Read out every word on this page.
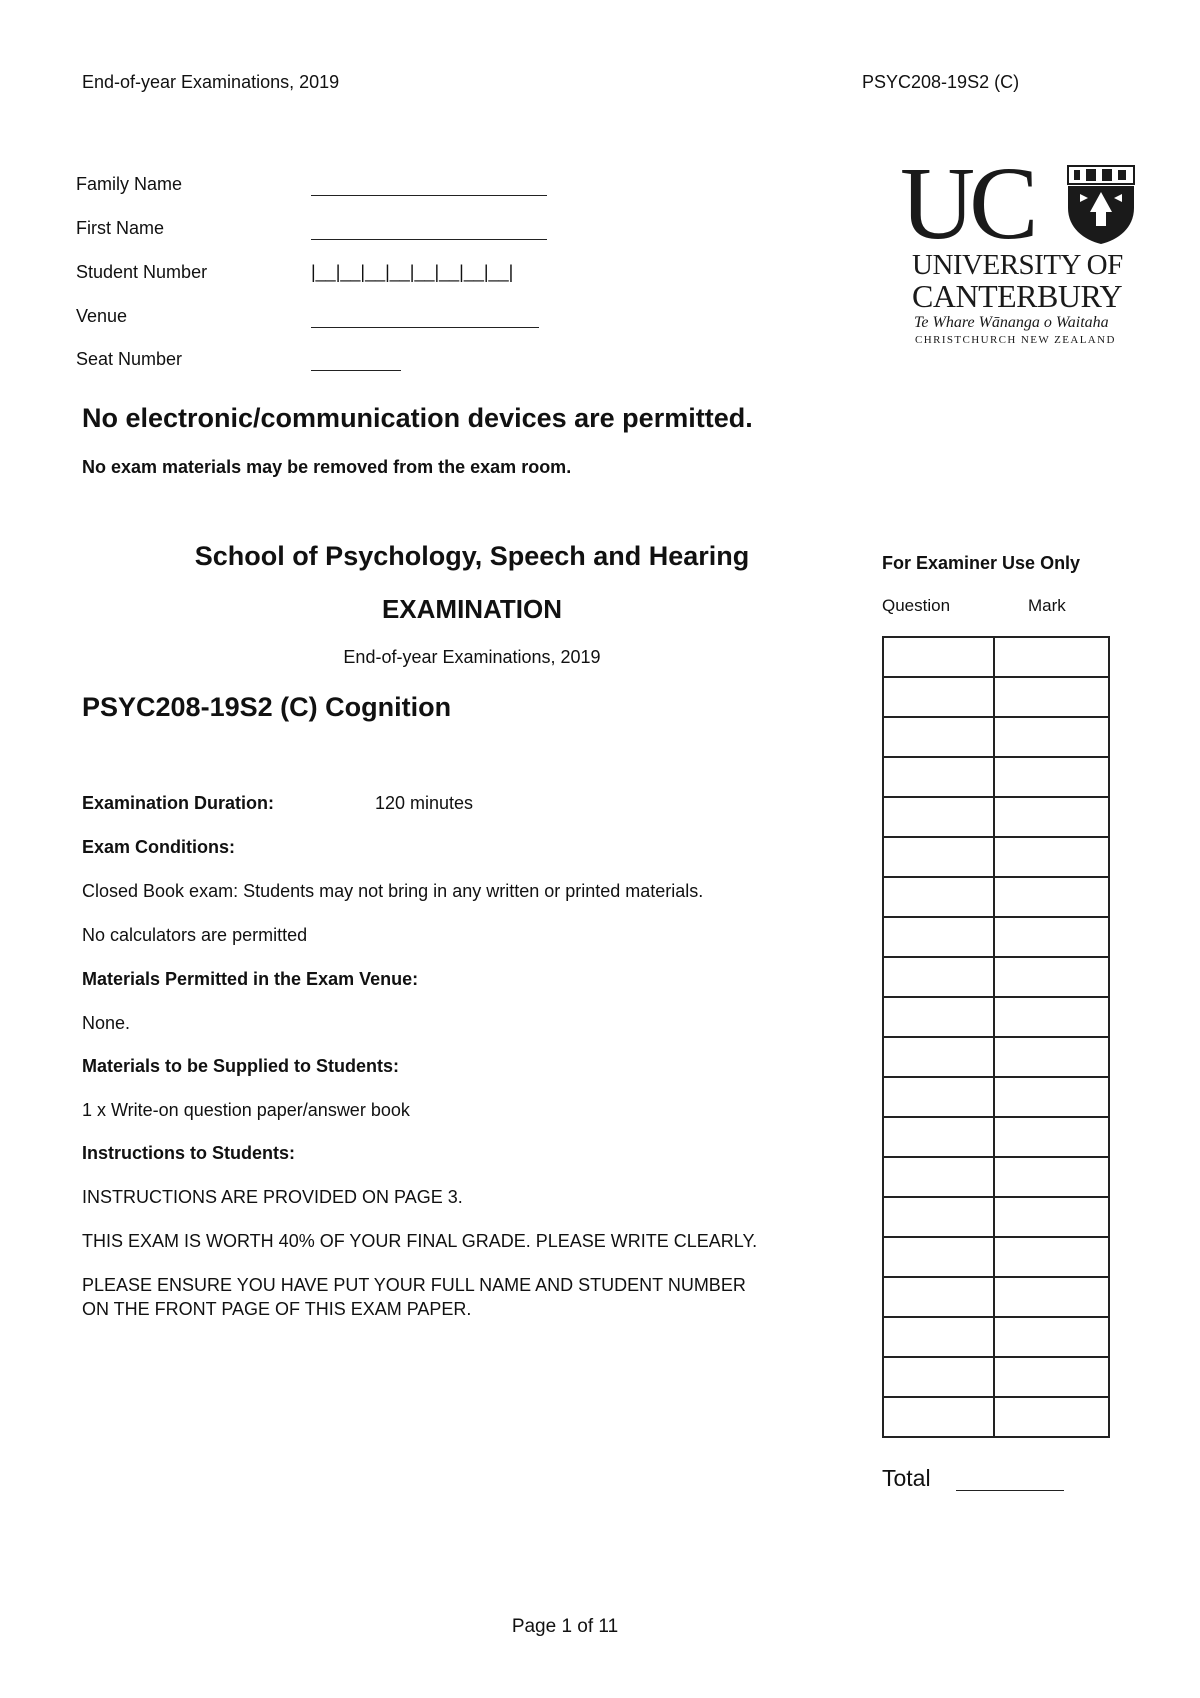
End-of-year Examinations, 2019	PSYC208-19S2 (C)
Family Name
First Name
Student Number	|__|__|__|__|__|__|__|__|
Venue
Seat Number
UC
UNIVERSITY OF
CANTERBURY
Te Whare Wānanga o Waitaha
CHRISTCHURCH NEW ZEALAND
No electronic/communication devices are permitted.
No exam materials may be removed from the exam room.
School of Psychology, Speech and Hearing
EXAMINATION
End-of-year Examinations, 2019
PSYC208-19S2 (C) Cognition
Examination Duration:	120 minutes
Exam Conditions:
Closed Book exam: Students may not bring in any written or printed materials.
No calculators are permitted
Materials Permitted in the Exam Venue:
None.
Materials to be Supplied to Students:
1 x Write-on question paper/answer book
Instructions to Students:
INSTRUCTIONS ARE PROVIDED ON PAGE 3.
THIS EXAM IS WORTH 40% OF YOUR FINAL GRADE. PLEASE WRITE CLEARLY.
PLEASE ENSURE YOU HAVE PUT YOUR FULL NAME AND STUDENT NUMBER
ON THE FRONT PAGE OF THIS EXAM PAPER.
For Examiner Use Only
Question	Mark

Total
Page 1 of 11
